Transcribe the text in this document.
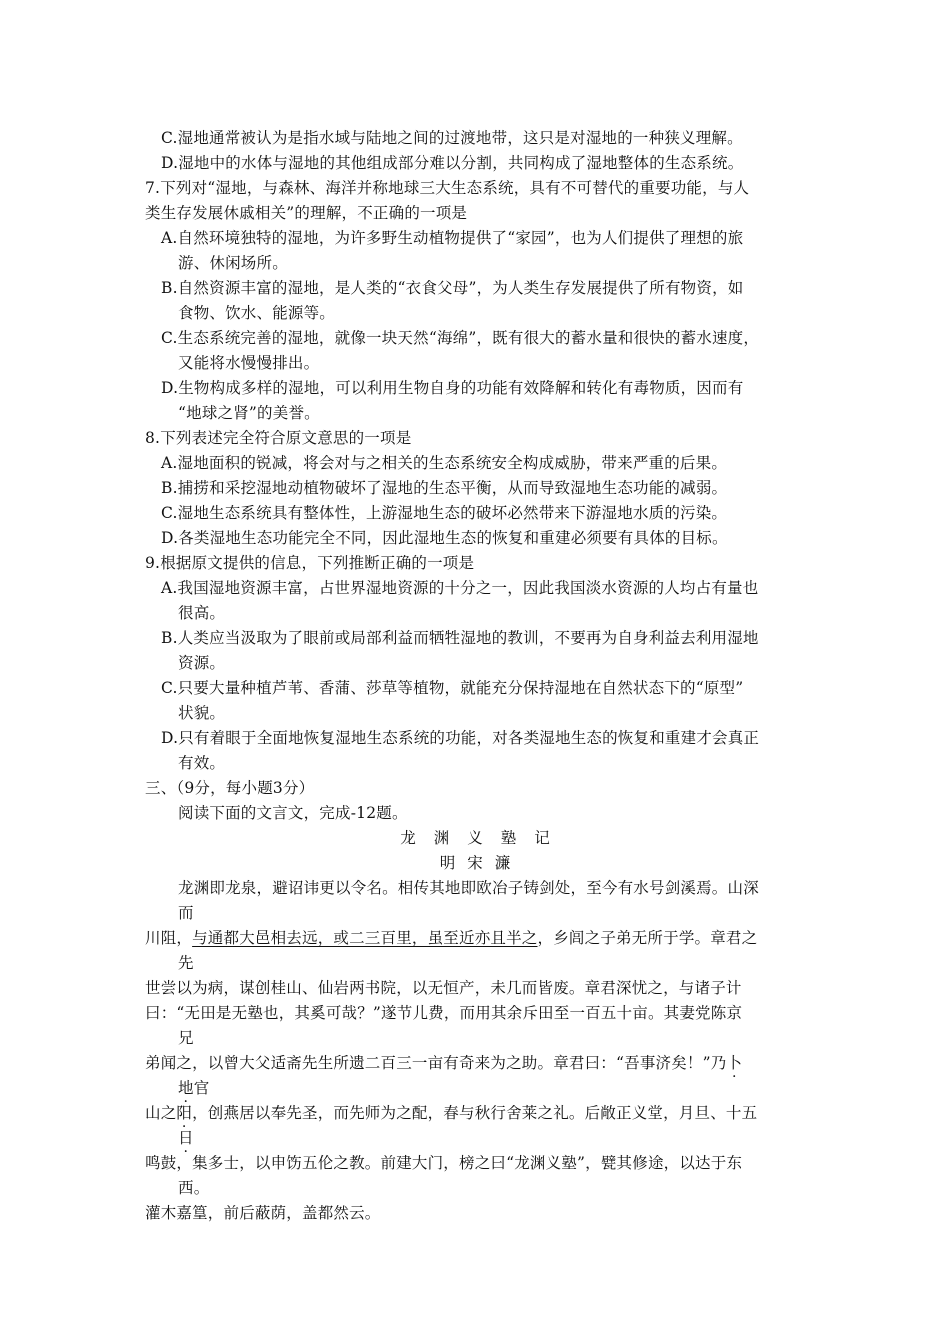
C.湿地通常被认为是指水域与陆地之间的过渡地带，这只是对湿地的一种狭义理解。
D.湿地中的水体与湿地的其他组成部分难以分割，共同构成了湿地整体的生态系统。
7.下列对“湿地，与森林、海洋并称地球三大生态系统，具有不可替代的重要功能，与人
类生存发展休戚相关”的理解，不正确的一项是
A.自然环境独特的湿地，为许多野生动植物提供了“家园”，也为人们提供了理想的旅
游、休闲场所。
B.自然资源丰富的湿地，是人类的“衣食父母”，为人类生存发展提供了所有物资，如
食物、饮水、能源等。
C.生态系统完善的湿地，就像一块天然“海绵”，既有很大的蓄水量和很快的蓄水速度，
又能将水慢慢排出。
D.生物构成多样的湿地，可以利用生物自身的功能有效降解和转化有毒物质，因而有
“地球之肾”的美誉。
8.下列表述完全符合原文意思的一项是
A.湿地面积的锐减，将会对与之相关的生态系统安全构成威胁，带来严重的后果。
B.捕捞和采挖湿地动植物破坏了湿地的生态平衡，从而导致湿地生态功能的减弱。
C.湿地生态系统具有整体性，上游湿地生态的破坏必然带来下游湿地水质的污染。
D.各类湿地生态功能完全不同，因此湿地生态的恢复和重建必须要有具体的目标。
9.根据原文提供的信息，下列推断正确的一项是
A.我国湿地资源丰富，占世界湿地资源的十分之一，因此我国淡水资源的人均占有量也
很高。
B.人类应当汲取为了眼前或局部利益而牺牲湿地的教训，不要再为自身利益去利用湿地
资源。
C.只要大量种植芦苇、香蒲、莎草等植物，就能充分保持湿地在自然状态下的“原型”
状貌。
D.只有着眼于全面地恢复湿地生态系统的功能，对各类湿地生态的恢复和重建才会真正
有效。
三、（9分，每小题3分）
阅读下面的文言文，完成-12题。
龙渊义塾记
明宋濂
龙渊即龙泉，避诏讳更以令名。相传其地即欧冶子铸剑处，至今有水号剑溪焉。山深
而
川阻，与通都大邑相去远，或二三百里，虽至近亦且半之，乡闾之子弟无所于学。章君之
先
世尝以为病，谋创桂山、仙岩两书院，以无恒产，未几而皆废。章君深忧之，与诸子计
曰：“无田是无塾也，其奚可哉？”遂节儿费，而用其余斥田至一百五十亩。其妻党陈京
兄
弟闻之，以曾大父适斋先生所遗二百三一亩有奇来为之助。章君曰：“吾事济矣！”乃卜
地官
山之阳，创燕居以奉先圣，而先师为之配，春与秋行舍莱之礼。后敞正义堂，月旦、十五
日
鸣鼓，集多士，以申饬五伦之教。前建大门，榜之曰“龙渊义塾”，甓其修途，以达于东
西。
灌木嘉篁，前后蔽荫，盖都然云。
